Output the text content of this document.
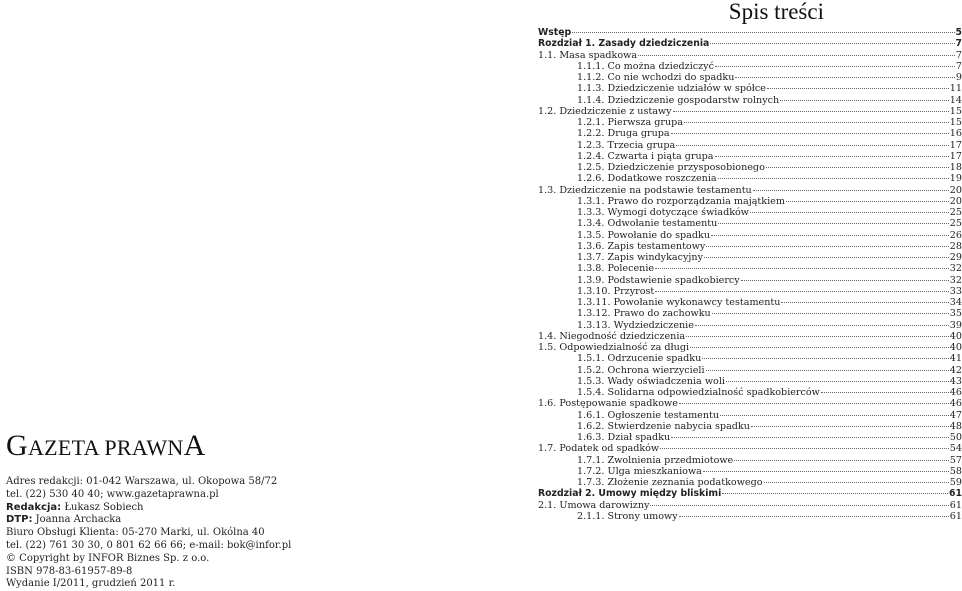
GAZETA PRAWNA
Adres redakcji: 01-042 Warszawa, ul. Okopowa 58/72
tel. (22) 530 40 40; www.gazetaprawna.pl
Redakcja: Łukasz Sobiech
DTP: Joanna Archacka
Biuro Obsługi Klienta: 05-270 Marki, ul. Okólna 40
tel. (22) 761 30 30, 0 801 62 66 66; e-mail: bok@infor.pl
© Copyright by INFOR Biznes Sp. z o.o.
ISBN 978-83-61957-89-8
Wydanie I/2011, grudzień 2011 r.
Spis treści
Wstęp	5
Rozdział 1. Zasady dziedziczenia	7
1.1. Masa spadkowa	7
1.1.1. Co można dziedziczyć	7
1.1.2. Co nie wchodzi do spadku	9
1.1.3. Dziedziczenie udziałów w spółce	11
1.1.4. Dziedziczenie gospodarstw rolnych	14
1.2. Dziedziczenie z ustawy	15
1.2.1. Pierwsza grupa	15
1.2.2. Druga grupa	16
1.2.3. Trzecia grupa	17
1.2.4. Czwarta i piąta grupa	17
1.2.5. Dziedziczenie przysposobionego	18
1.2.6. Dodatkowe roszczenia	19
1.3. Dziedziczenie na podstawie testamentu	20
1.3.1. Prawo do rozporządzania majątkiem	20
1.3.3. Wymogi dotyczące świadków	25
1.3.4. Odwołanie testamentu	25
1.3.5. Powołanie do spadku	26
1.3.6. Zapis testamentowy	28
1.3.7. Zapis windykacyjny	29
1.3.8. Polecenie	32
1.3.9. Podstawienie spadkobiercy	32
1.3.10. Przyrost	33
1.3.11. Powołanie wykonawcy testamentu	34
1.3.12. Prawo do zachowku	35
1.3.13. Wydziedziczenie	39
1.4. Niegodność dziedziczenia	40
1.5. Odpowiedzialność za długi	40
1.5.1. Odrzucenie spadku	41
1.5.2. Ochrona wierzycieli	42
1.5.3. Wady oświadczenia woli	43
1.5.4. Solidarna odpowiedzialność spadkobierców	46
1.6. Postępowanie spadkowe	46
1.6.1. Ogłoszenie testamentu	47
1.6.2. Stwierdzenie nabycia spadku	48
1.6.3. Dział spadku	50
1.7. Podatek od spadków	54
1.7.1. Zwolnienia przedmiotowe	57
1.7.2. Ulga mieszkaniowa	58
1.7.3. Złożenie zeznania podatkowego	59
Rozdział 2. Umowy między bliskimi	61
2.1. Umowa darowizny	61
2.1.1. Strony umowy	61
